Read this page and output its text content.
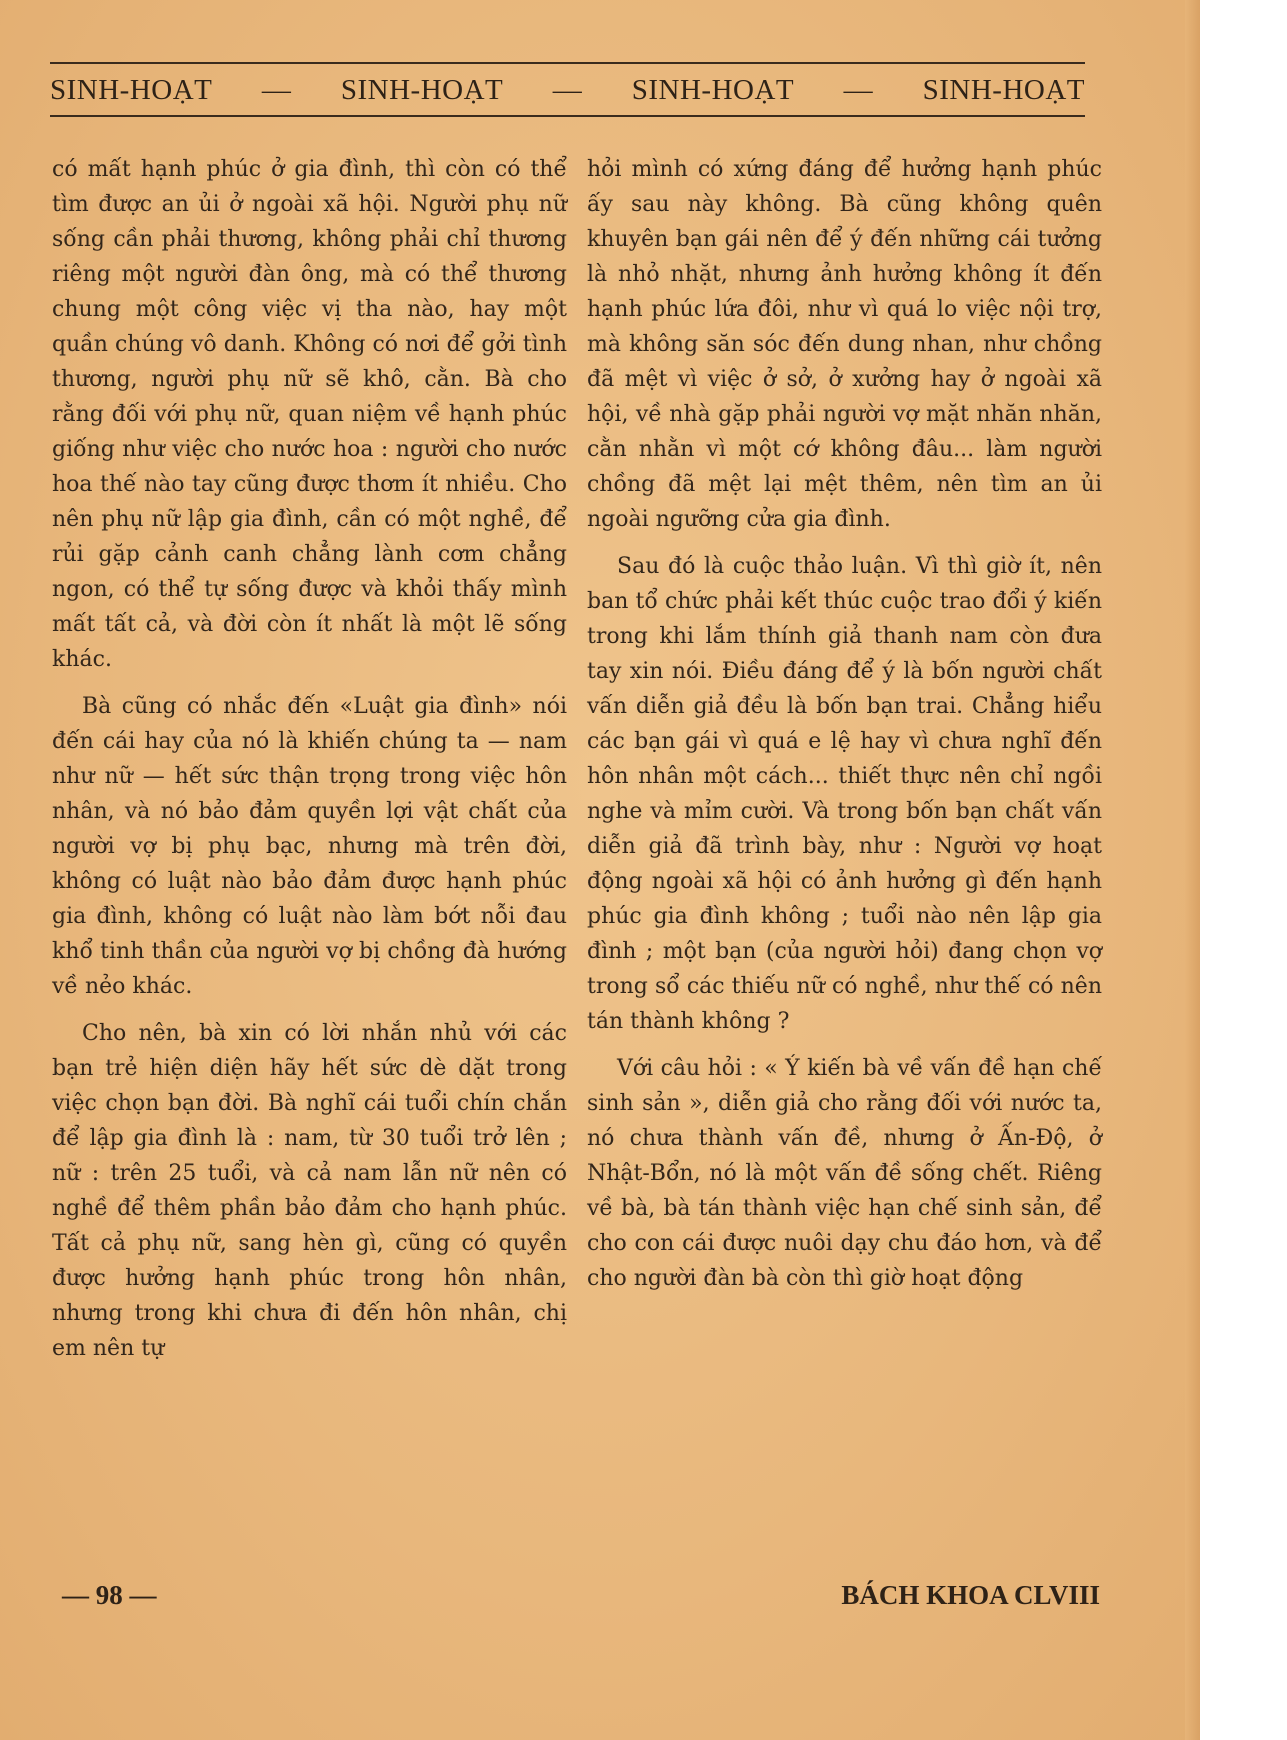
SINH-HOẠT — SINH-HOẠT — SINH-HOẠT — SINH-HOẠT

có mất hạnh phúc ở gia đình, thì còn có thể tìm được an ủi ở ngoài xã hội. Người phụ nữ sống cần phải thương, không phải chỉ thương riêng một người đàn ông, mà có thể thương chung một công việc vị tha nào, hay một quần chúng vô danh. Không có nơi để gởi tình thương, người phụ nữ sẽ khô, cằn. Bà cho rằng đối với phụ nữ, quan niệm về hạnh phúc giống như việc cho nước hoa : người cho nước hoa thế nào tay cũng được thơm ít nhiều. Cho nên phụ nữ lập gia đình, cần có một nghề, để rủi gặp cảnh canh chẳng lành cơm chẳng ngon, có thể tự sống được và khỏi thấy mình mất tất cả, và đời còn ít nhất là một lẽ sống khác.

Bà cũng có nhắc đến «Luật gia đình» nói đến cái hay của nó là khiến chúng ta — nam như nữ — hết sức thận trọng trong việc hôn nhân, và nó bảo đảm quyền lợi vật chất của người vợ bị phụ bạc, nhưng mà trên đời, không có luật nào bảo đảm được hạnh phúc gia đình, không có luật nào làm bớt nỗi đau khổ tinh thần của người vợ bị chồng đà hướng về nẻo khác.

Cho nên, bà xin có lời nhắn nhủ với các bạn trẻ hiện diện hãy hết sức dè dặt trong việc chọn bạn đời. Bà nghĩ cái tuổi chín chắn để lập gia đình là : nam, từ 30 tuổi trở lên ; nữ : trên 25 tuổi, và cả nam lẫn nữ nên có nghề để thêm phần bảo đảm cho hạnh phúc. Tất cả phụ nữ, sang hèn gì, cũng có quyền được hưởng hạnh phúc trong hôn nhân, nhưng trong khi chưa đi đến hôn nhân, chị em nên tự

hỏi mình có xứng đáng để hưởng hạnh phúc ấy sau này không. Bà cũng không quên khuyên bạn gái nên để ý đến những cái tưởng là nhỏ nhặt, nhưng ảnh hưởng không ít đến hạnh phúc lứa đôi, như vì quá lo việc nội trợ, mà không săn sóc đến dung nhan, như chồng đã mệt vì việc ở sở, ở xưởng hay ở ngoài xã hội, về nhà gặp phải người vợ mặt nhăn nhăn, cằn nhằn vì một cớ không đâu... làm người chồng đã mệt lại mệt thêm, nên tìm an ủi ngoài ngưỡng cửa gia đình.

Sau đó là cuộc thảo luận. Vì thì giờ ít, nên ban tổ chức phải kết thúc cuộc trao đổi ý kiến trong khi lắm thính giả thanh nam còn đưa tay xin nói. Điều đáng để ý là bốn người chất vấn diễn giả đều là bốn bạn trai. Chẳng hiểu các bạn gái vì quá e lệ hay vì chưa nghĩ đến hôn nhân một cách... thiết thực nên chỉ ngồi nghe và mỉm cười. Và trong bốn bạn chất vấn diễn giả đã trình bày, như : Người vợ hoạt động ngoài xã hội có ảnh hưởng gì đến hạnh phúc gia đình không ; tuổi nào nên lập gia đình ; một bạn (của người hỏi) đang chọn vợ trong sổ các thiếu nữ có nghề, như thế có nên tán thành không ?

Với câu hỏi : « Ý kiến bà về vấn đề hạn chế sinh sản », diễn giả cho rằng đối với nước ta, nó chưa thành vấn đề, nhưng ở Ấn-Độ, ở Nhật-Bổn, nó là một vấn đề sống chết. Riêng về bà, bà tán thành việc hạn chế sinh sản, để cho con cái được nuôi dạy chu đáo hơn, và để cho người đàn bà còn thì giờ hoạt động

— 98 —	BÁCH KHOA CLVIII
